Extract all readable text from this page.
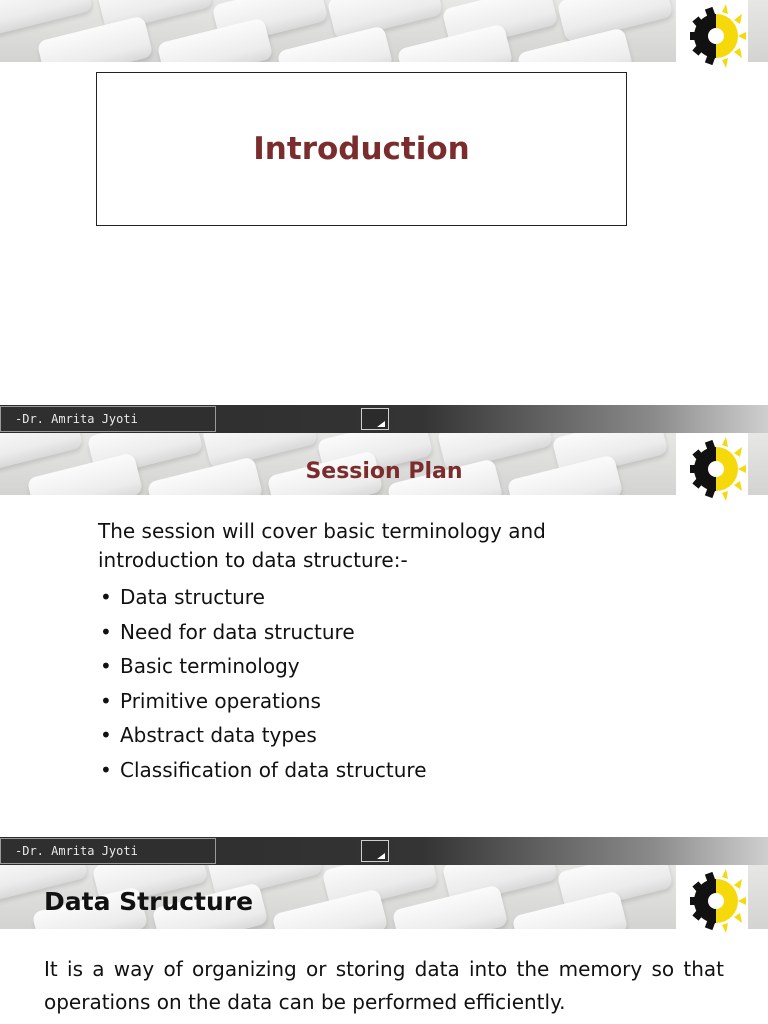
Introduction
-Dr. Amrita Jyoti
Session Plan

The session will cover basic terminology and introduction to data structure:-

• Data structure
• Need for data structure
• Basic terminology
• Primitive operations
• Abstract data types
• Classification of data structure
-Dr. Amrita Jyoti
Data Structure

It is a way of organizing or storing data into the memory so that operations on the data can be performed efficiently.
